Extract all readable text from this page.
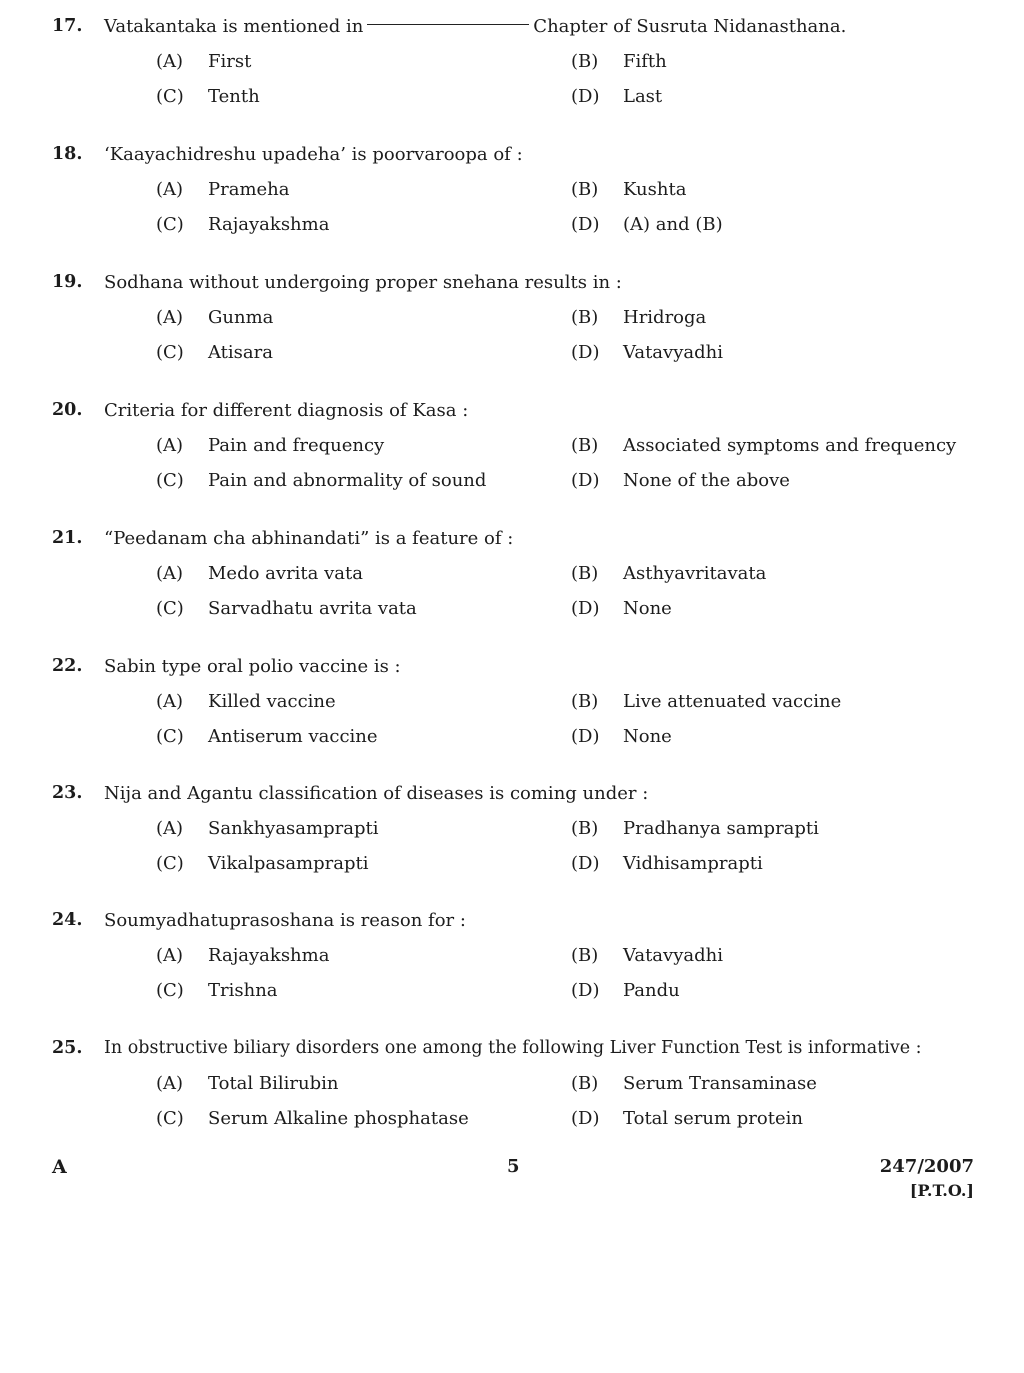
17. Vatakantaka is mentioned in	Chapter of Susruta Nidanasthana.
(A) First	(B) Fifth
(C) Tenth	(D) Last
18. ‘Kaayachidreshu upadeha’ is poorvaroopa of :
(A) Prameha	(B) Kushta
(C) Rajayakshma	(D) (A) and (B)
19. Sodhana without undergoing proper snehana results in :
(A) Gunma	(B) Hridroga
(C) Atisara	(D) Vatavyadhi
20. Criteria for different diagnosis of Kasa :
(A) Pain and frequency	(B) Associated symptoms and frequency
(C) Pain and abnormality of sound	(D) None of the above
21. “Peedanam cha abhinandati” is a feature of :
(A) Medo avrita vata	(B) Asthyavritavata
(C) Sarvadhatu avrita vata	(D) None
22. Sabin type oral polio vaccine is :
(A) Killed vaccine	(B) Live attenuated vaccine
(C) Antiserum vaccine	(D) None
23. Nija and Agantu classification of diseases is coming under :
(A) Sankhyasamprapti	(B) Pradhanya samprapti
(C) Vikalpasamprapti	(D) Vidhisamprapti
24. Soumyadhatuprasoshana is reason for :
(A) Rajayakshma	(B) Vatavyadhi
(C) Trishna	(D) Pandu
25. In obstructive biliary disorders one among the following Liver Function Test is informative :
(A) Total Bilirubin	(B) Serum Transaminase
(C) Serum Alkaline phosphatase	(D) Total serum protein
A	5	247/2007
[P.T.O.]
